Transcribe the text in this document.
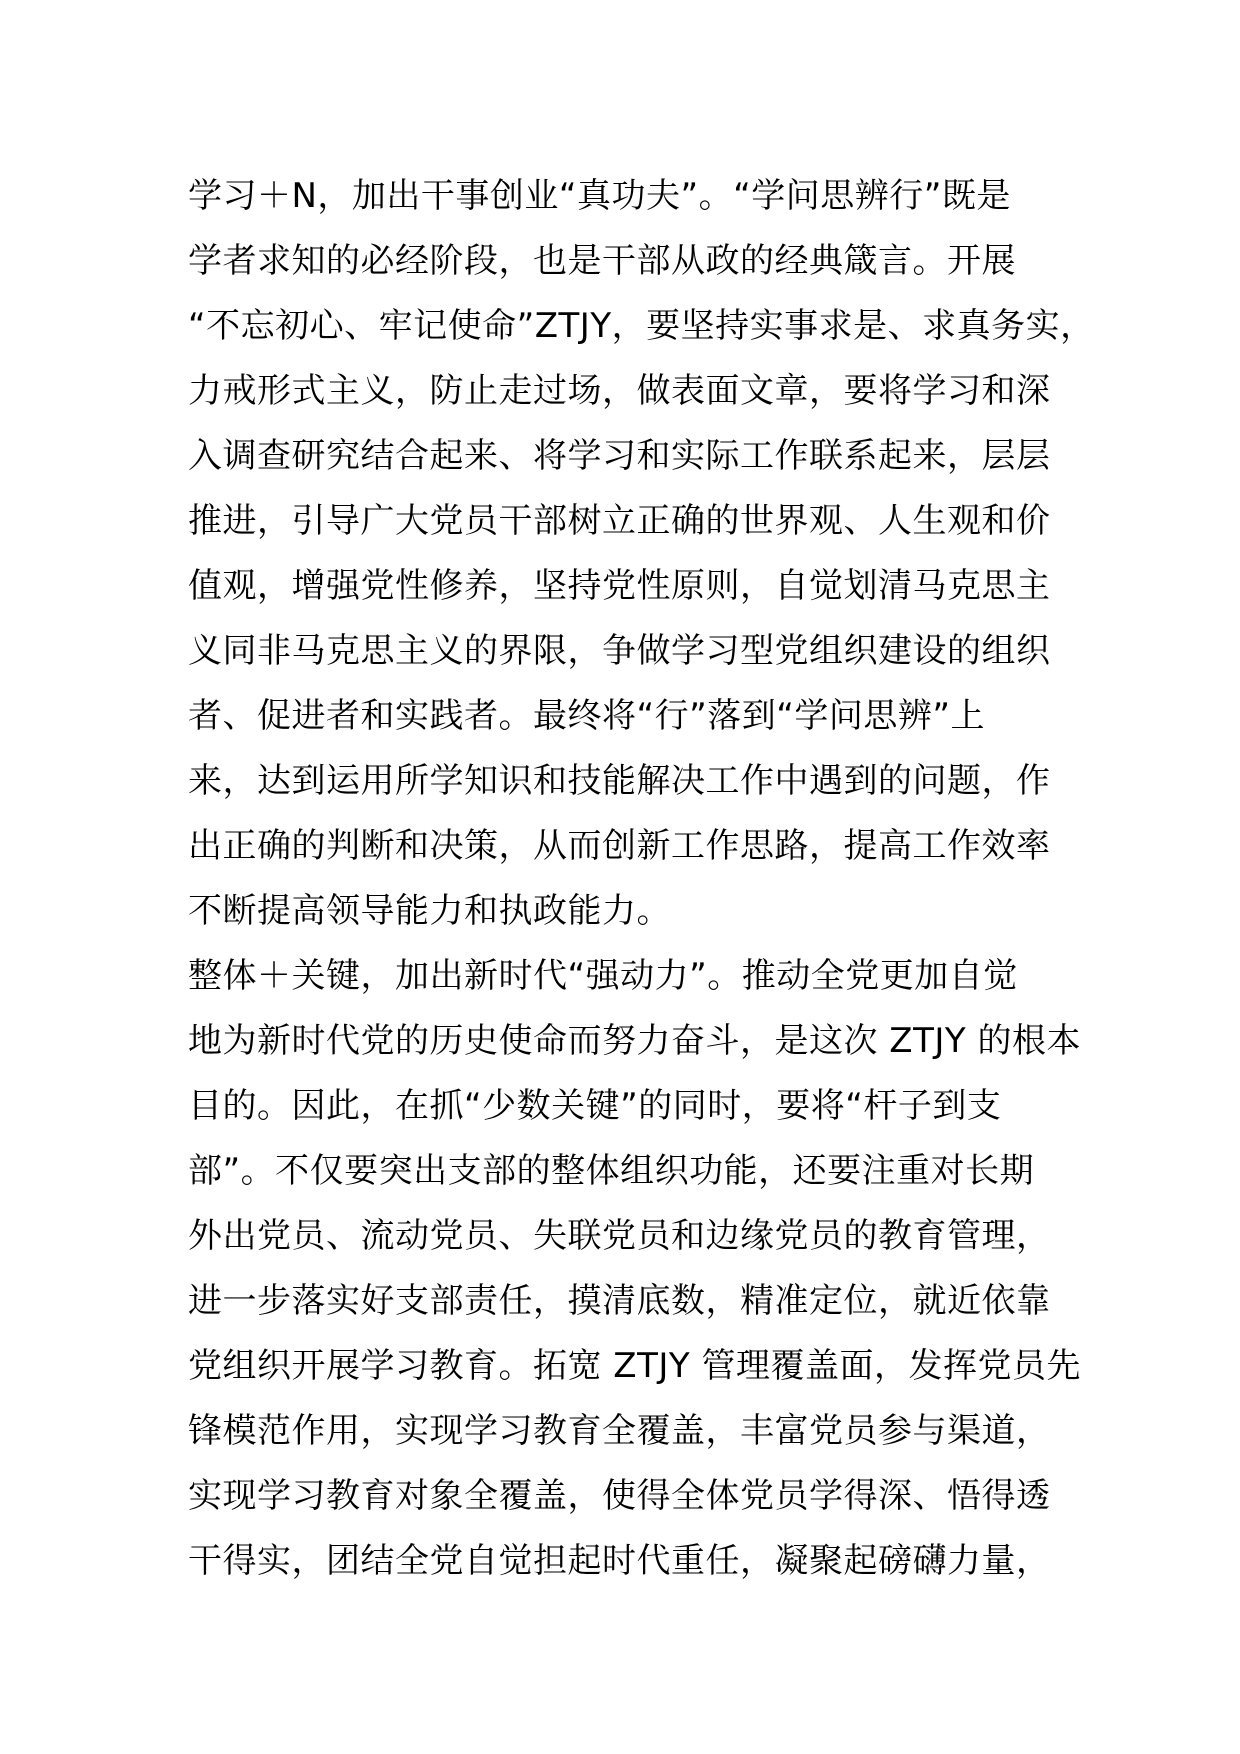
学习＋N，加出干事创业“真功夫”。“学问思辨行”既是
学者求知的必经阶段，也是干部从政的经典箴言。开展
“不忘初心、牢记使命”ZTJY，要坚持实事求是、求真务实，
力戒形式主义，防止走过场，做表面文章，要将学习和深
入调查研究结合起来、将学习和实际工作联系起来，层层
推进，引导广大党员干部树立正确的世界观、人生观和价
值观，增强党性修养，坚持党性原则，自觉划清马克思主
义同非马克思主义的界限，争做学习型党组织建设的组织
者、促进者和实践者。最终将“行”落到“学问思辨”上
来，达到运用所学知识和技能解决工作中遇到的问题，作
出正确的判断和决策，从而创新工作思路，提高工作效率
不断提高领导能力和执政能力。
整体＋关键，加出新时代“强动力”。推动全党更加自觉
地为新时代党的历史使命而努力奋斗，是这次 ZTJY 的根本
目的。因此，在抓“少数关键”的同时，要将“杆子到支
部”。不仅要突出支部的整体组织功能，还要注重对长期
外出党员、流动党员、失联党员和边缘党员的教育管理，
进一步落实好支部责任，摸清底数，精准定位，就近依靠
党组织开展学习教育。拓宽 ZTJY 管理覆盖面，发挥党员先
锋模范作用，实现学习教育全覆盖，丰富党员参与渠道，
实现学习教育对象全覆盖，使得全体党员学得深、悟得透
干得实，团结全党自觉担起时代重任，凝聚起磅礴力量，
